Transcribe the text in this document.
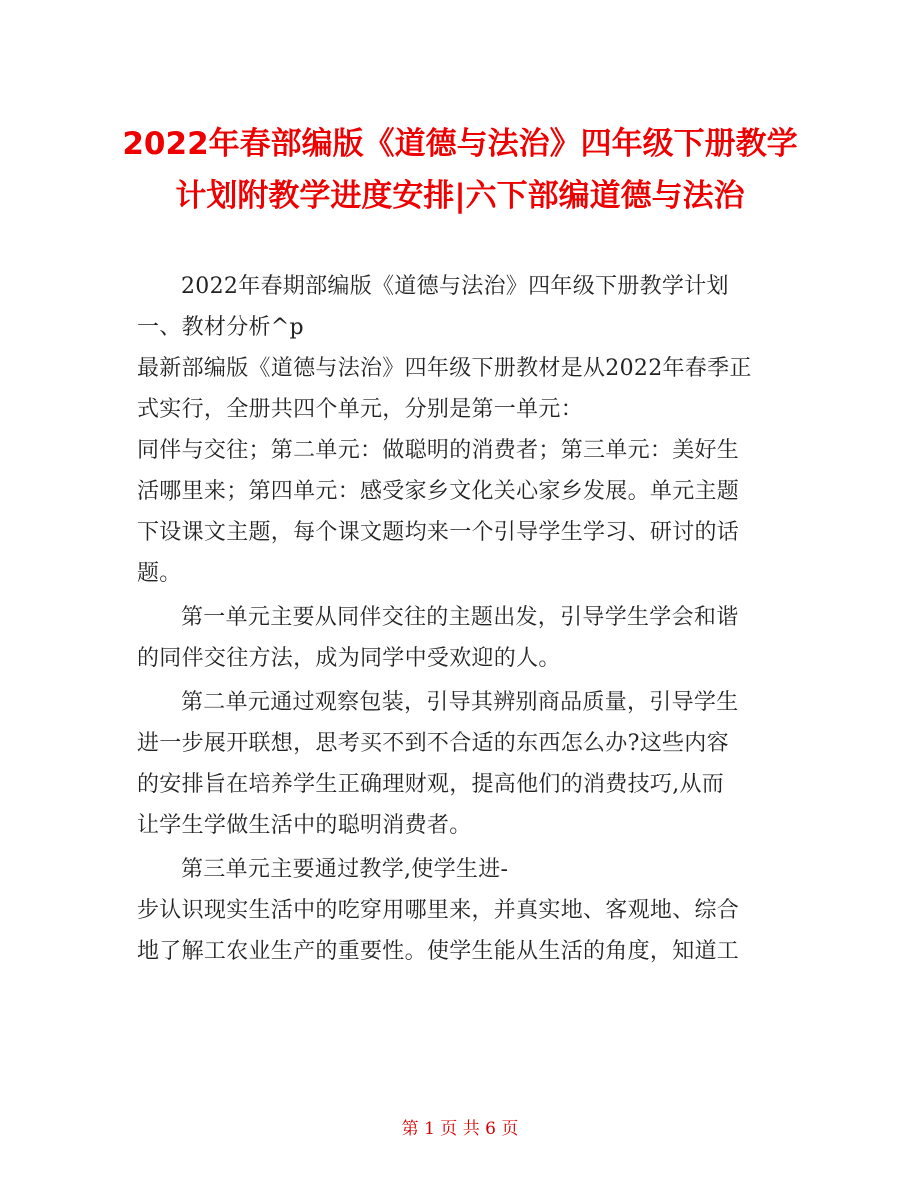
2022年春部编版《道德与法治》四年级下册教学计划附教学进度安排|六下部编道德与法治
2022年春期部编版《道德与法治》四年级下册教学计划
一、教材分析^p
最新部编版《道德与法治》四年级下册教材是从2022年春季正
式实行，全册共四个单元，分别是第一单元：
同伴与交往；第二单元：做聪明的消费者；第三单元：美好生
活哪里来；第四单元：感受家乡文化关心家乡发展。单元主题
下设课文主题，每个课文题均来一个引导学生学习、研讨的话
题。
第一单元主要从同伴交往的主题出发，引导学生学会和谐
的同伴交往方法，成为同学中受欢迎的人。
第二单元通过观察包装，引导其辨别商品质量，引导学生
进一步展开联想，思考买不到不合适的东西怎么办?这些内容
的安排旨在培养学生正确理财观，提高他们的消费技巧,从而
让学生学做生活中的聪明消费者。
第三单元主要通过教学,使学生进-
步认识现实生活中的吃穿用哪里来，并真实地、客观地、综合
地了解工农业生产的重要性。使学生能从生活的角度，知道工
第 1 页 共 6 页
